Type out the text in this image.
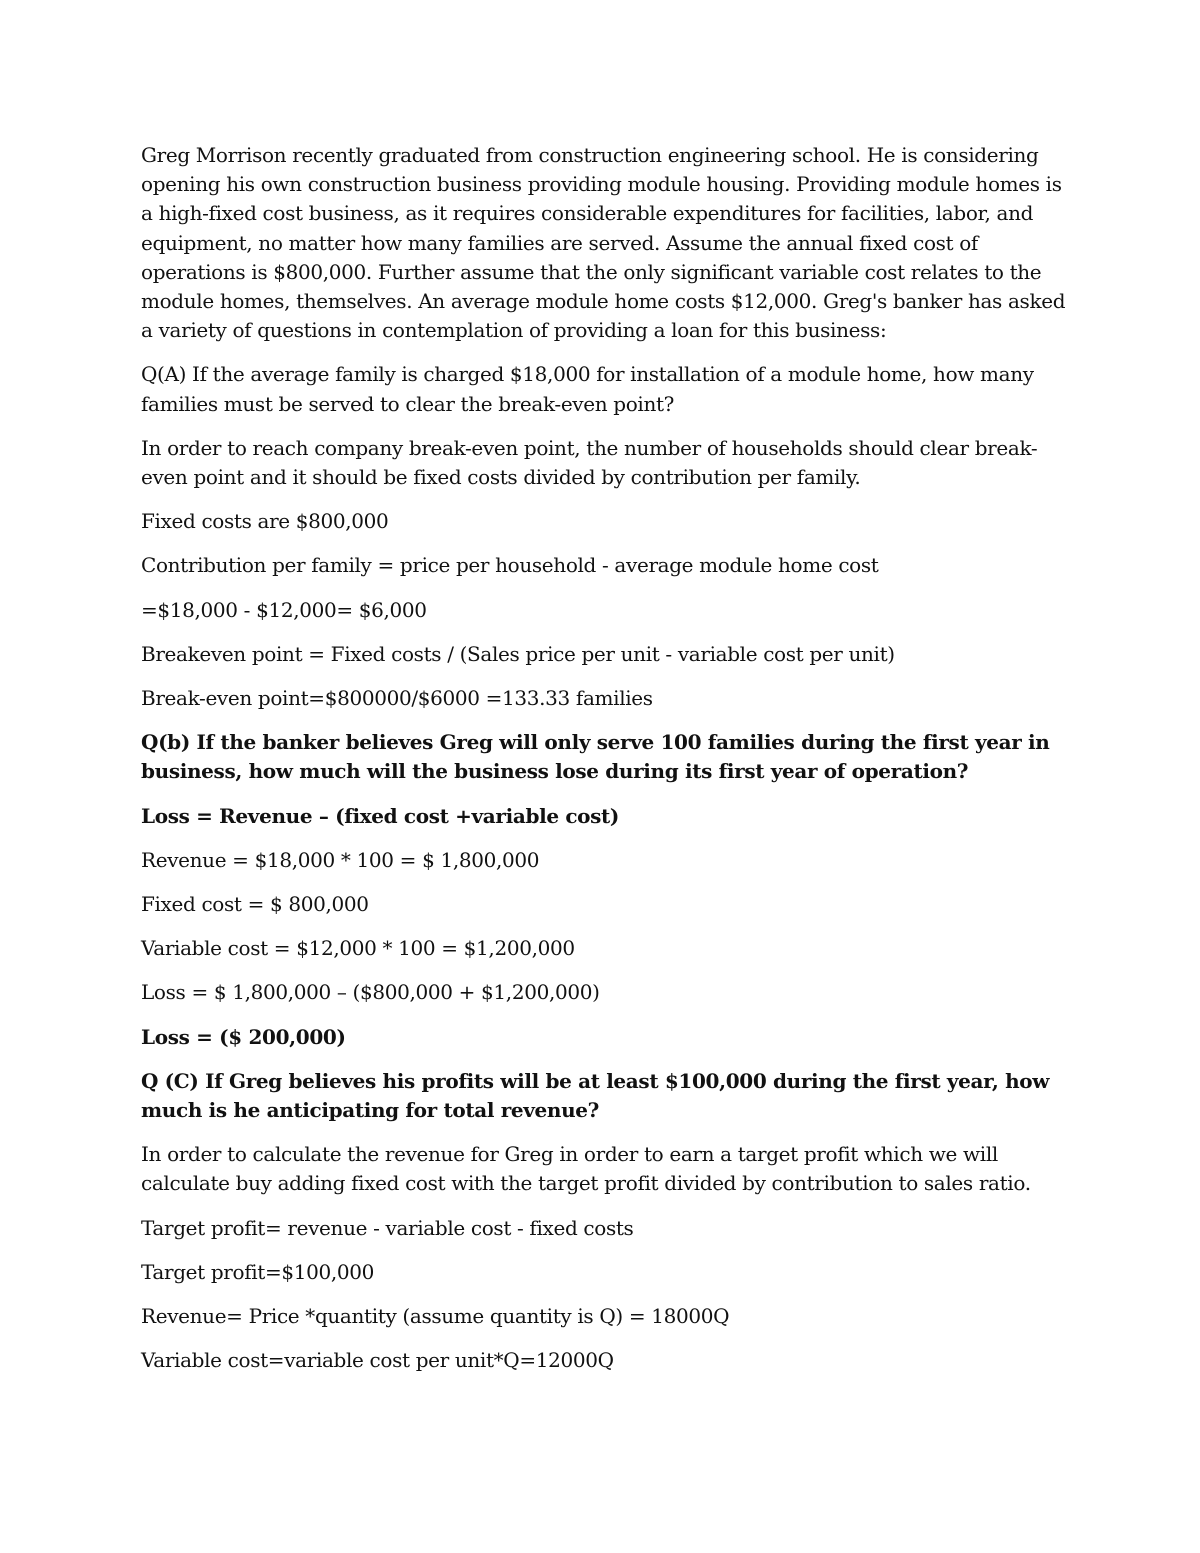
Greg Morrison recently graduated from construction engineering school. He is considering opening his own construction business providing module housing. Providing module homes is a high-fixed cost business, as it requires considerable expenditures for facilities, labor, and equipment, no matter how many families are served. Assume the annual fixed cost of operations is $800,000. Further assume that the only significant variable cost relates to the module homes, themselves. An average module home costs $12,000. Greg's banker has asked a variety of questions in contemplation of providing a loan for this business:

Q(A) If the average family is charged $18,000 for installation of a module home, how many families must be served to clear the break-even point?

In order to reach company break-even point, the number of households should clear break-even point and it should be fixed costs divided by contribution per family.

Fixed costs are $800,000

Contribution per family = price per household - average module home cost

=$18,000 - $12,000= $6,000

Breakeven point = Fixed costs / (Sales price per unit - variable cost per unit)

Break-even point=$800000/$6000 =133.33 families

Q(b) If the banker believes Greg will only serve 100 families during the first year in business, how much will the business lose during its first year of operation?

Loss = Revenue – (fixed cost +variable cost)

Revenue = $18,000 * 100 = $ 1,800,000

Fixed cost = $ 800,000

Variable cost = $12,000 * 100 = $1,200,000

Loss = $ 1,800,000 – ($800,000 + $1,200,000)

Loss = ($ 200,000)

Q (C) If Greg believes his profits will be at least $100,000 during the first year, how much is he anticipating for total revenue?

In order to calculate the revenue for Greg in order to earn a target profit which we will calculate buy adding fixed cost with the target profit divided by contribution to sales ratio.

Target profit= revenue - variable cost - fixed costs

Target profit=$100,000

Revenue= Price *quantity (assume quantity is Q) = 18000Q

Variable cost=variable cost per unit*Q=12000Q
